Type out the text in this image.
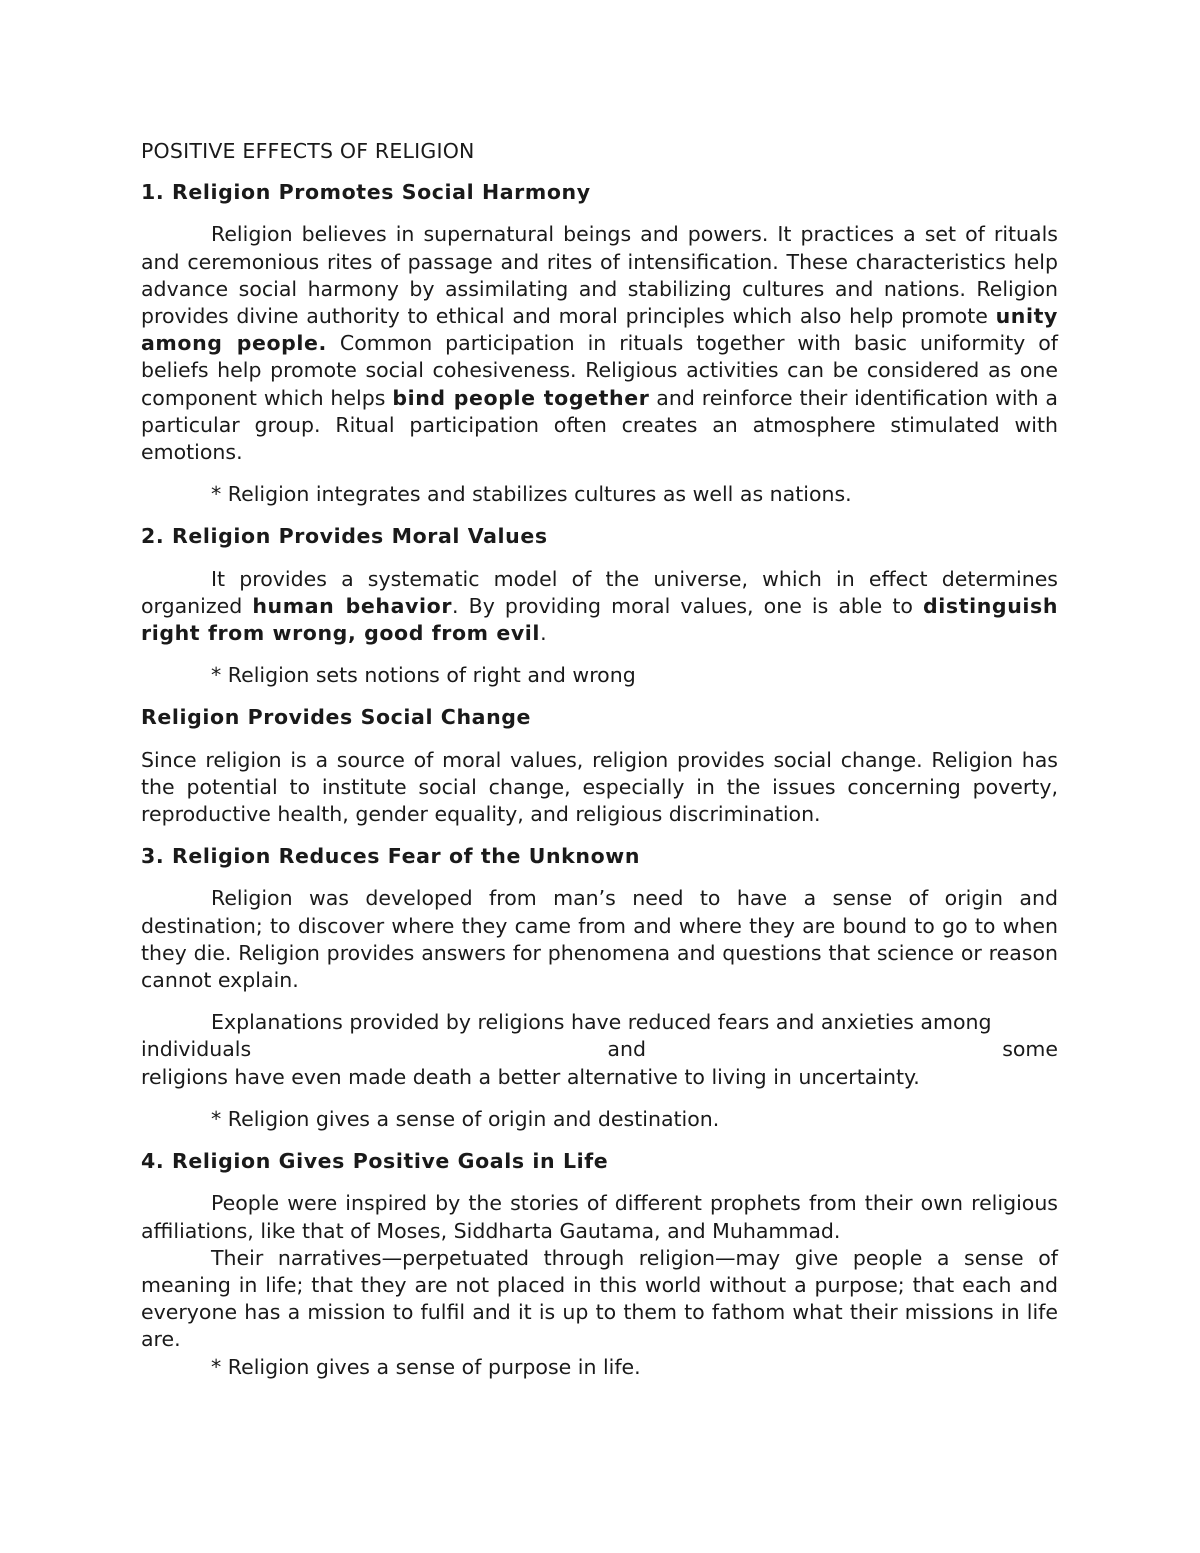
POSITIVE EFFECTS OF RELIGION
1. Religion Promotes Social Harmony

Religion believes in supernatural beings and powers. It practices a set of rituals and ceremonious rites of passage and rites of intensification. These characteristics help advance social harmony by assimilating and stabilizing cultures and nations. Religion provides divine authority to ethical and moral principles which also help promote unity among people. Common participation in rituals together with basic uniformity of beliefs help promote social cohesiveness. Religious activities can be considered as one component which helps bind people together and reinforce their identification with a particular group. Ritual participation often creates an atmosphere stimulated with emotions.

* Religion integrates and stabilizes cultures as well as nations.

2. Religion Provides Moral Values

It provides a systematic model of the universe, which in effect determines organized human behavior. By providing moral values, one is able to distinguish right from wrong, good from evil.

* Religion sets notions of right and wrong

Religion Provides Social Change

Since religion is a source of moral values, religion provides social change. Religion has the potential to institute social change, especially in the issues concerning poverty, reproductive health, gender equality, and religious discrimination.

3. Religion Reduces Fear of the Unknown

Religion was developed from man’s need to have a sense of origin and destination; to discover where they came from and where they are bound to go to when they die. Religion provides answers for phenomena and questions that science or reason cannot explain.

Explanations provided by religions have reduced fears and anxieties among
individuals	and	some
religions have even made death a better alternative to living in uncertainty.

* Religion gives a sense of origin and destination.

4. Religion Gives Positive Goals in Life

People were inspired by the stories of different prophets from their own religious affiliations, like that of Moses, Siddharta Gautama, and Muhammad.

Their narratives—perpetuated through religion—may give people a sense of meaning in life; that they are not placed in this world without a purpose; that each and everyone has a mission to fulfil and it is up to them to fathom what their missions in life are.

* Religion gives a sense of purpose in life.
